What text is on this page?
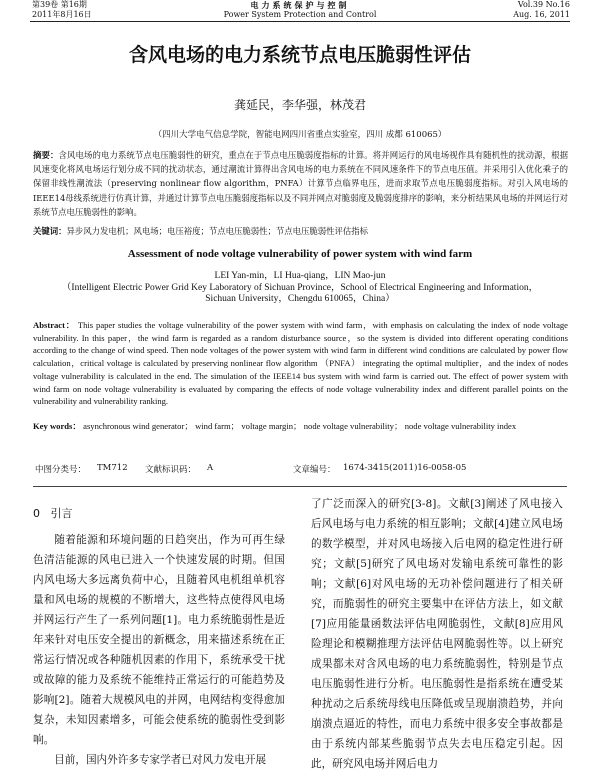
第39卷 第16期
2011年8月16日
电力系统保护与控制
Power System Protection and Control
Vol.39 No.16
Aug. 16, 2011
含风电场的电力系统节点电压脆弱性评估
龚延民，李华强，林茂君
（四川大学电气信息学院，智能电网四川省重点实验室，四川 成都 610065）
摘要：含风电场的电力系统节点电压脆弱性的研究，重点在于节点电压脆弱度指标的计算。将并网运行的风电场视作具有随机性的扰动源，根据风速变化将风电场运行划分成不同的扰动状态，通过潮流计算得出含风电场的电力系统在不同风速条件下的节点电压值。并采用引入优化乘子的保留非线性潮流法（preserving nonlinear flow algorithm，PNFA）计算节点临界电压，进而求取节点电压脆弱度指标。对引入风电场的IEEE14母线系统进行仿真计算，并通过计算节点电压脆弱度指标以及不同并网点对脆弱度及脆弱度排序的影响，来分析结果风电场的并网运行对系统节点电压脆弱性的影响。
关键词：异步风力发电机；风电场；电压裕度；节点电压脆弱性；节点电压脆弱性评估指标
Assessment of node voltage vulnerability of power system with wind farm
LEI Yan-min，LI Hua-qiang，LIN Mao-jun
（Intelligent Electric Power Grid Key Laboratory of Sichuan Province，School of Electrical Engineering and Information，
Sichuan University，Chengdu 610065，China）
Abstract： This paper studies the voltage vulnerability of the power system with wind farm，with emphasis on calculating the index of node voltage vulnerability. In this paper，the wind farm is regarded as a random disturbance source，so the system is divided into different operating conditions according to the change of wind speed. Then node voltages of the power system with wind farm in different wind conditions are calculated by power flow calculation，critical voltage is calculated by preserving nonlinear flow algorithm （PNFA） integrating the optimal multiplier，and the index of nodes voltage vulnerability is calculated in the end. The simulation of the IEEE14 bus system with wind farm is carried out. The effect of power system with wind farm on node voltage vulnerability is evaluated by comparing the effects of node voltage vulnerability index and different parallel points on the vulnerability and vulnerability ranking.
Key words： asynchronous wind generator； wind farm； voltage margin； node voltage vulnerability； node voltage vulnerability index
中图分类号： TM712 文献标识码： A	文章编号： 1674-3415(2011)16-0058-05
0 引言

随着能源和环境问题的日趋突出，作为可再生绿色清洁能源的风电已进入一个快速发展的时期。但国内风电场大多远离负荷中心，且随着风电机组单机容量和风电场的规模的不断增大，这些特点使得风电场并网运行产生了一系列问题[1]。电力系统脆弱性是近年来针对电压安全提出的新概念，用来描述系统在正常运行情况或各种随机因素的作用下，系统承受干扰或故障的能力及系统不能维持正常运行的可能趋势及影响[2]。随着大规模风电的并网，电网结构变得愈加复杂，未知因素增多，可能会使系统的脆弱性受到影响。

目前，国内外许多专家学者已对风力发电开展

了广泛而深入的研究[3-8]。文献[3]阐述了风电接入后风电场与电力系统的相互影响；文献[4]建立风电场的数学模型，并对风电场接入后电网的稳定性进行研究；文献[5]研究了风电场对发输电系统可靠性的影响；文献[6]对风电场的无功补偿问题进行了相关研究，而脆弱性的研究主要集中在评估方法上，如文献[7]应用能量函数法评估电网脆弱性，文献[8]应用风险理论和模糊推理方法评估电网脆弱性等。以上研究成果都未对含风电场的电力系统脆弱性，特别是节点电压脆弱性进行分析。电压脆弱性是指系统在遭受某种扰动之后系统母线电压降低或呈现崩溃趋势，并向崩溃点逼近的特性，而电力系统中很多安全事故都是由于系统内部某些脆弱节点失去电压稳定引起。因此，研究风电场并网后电力
